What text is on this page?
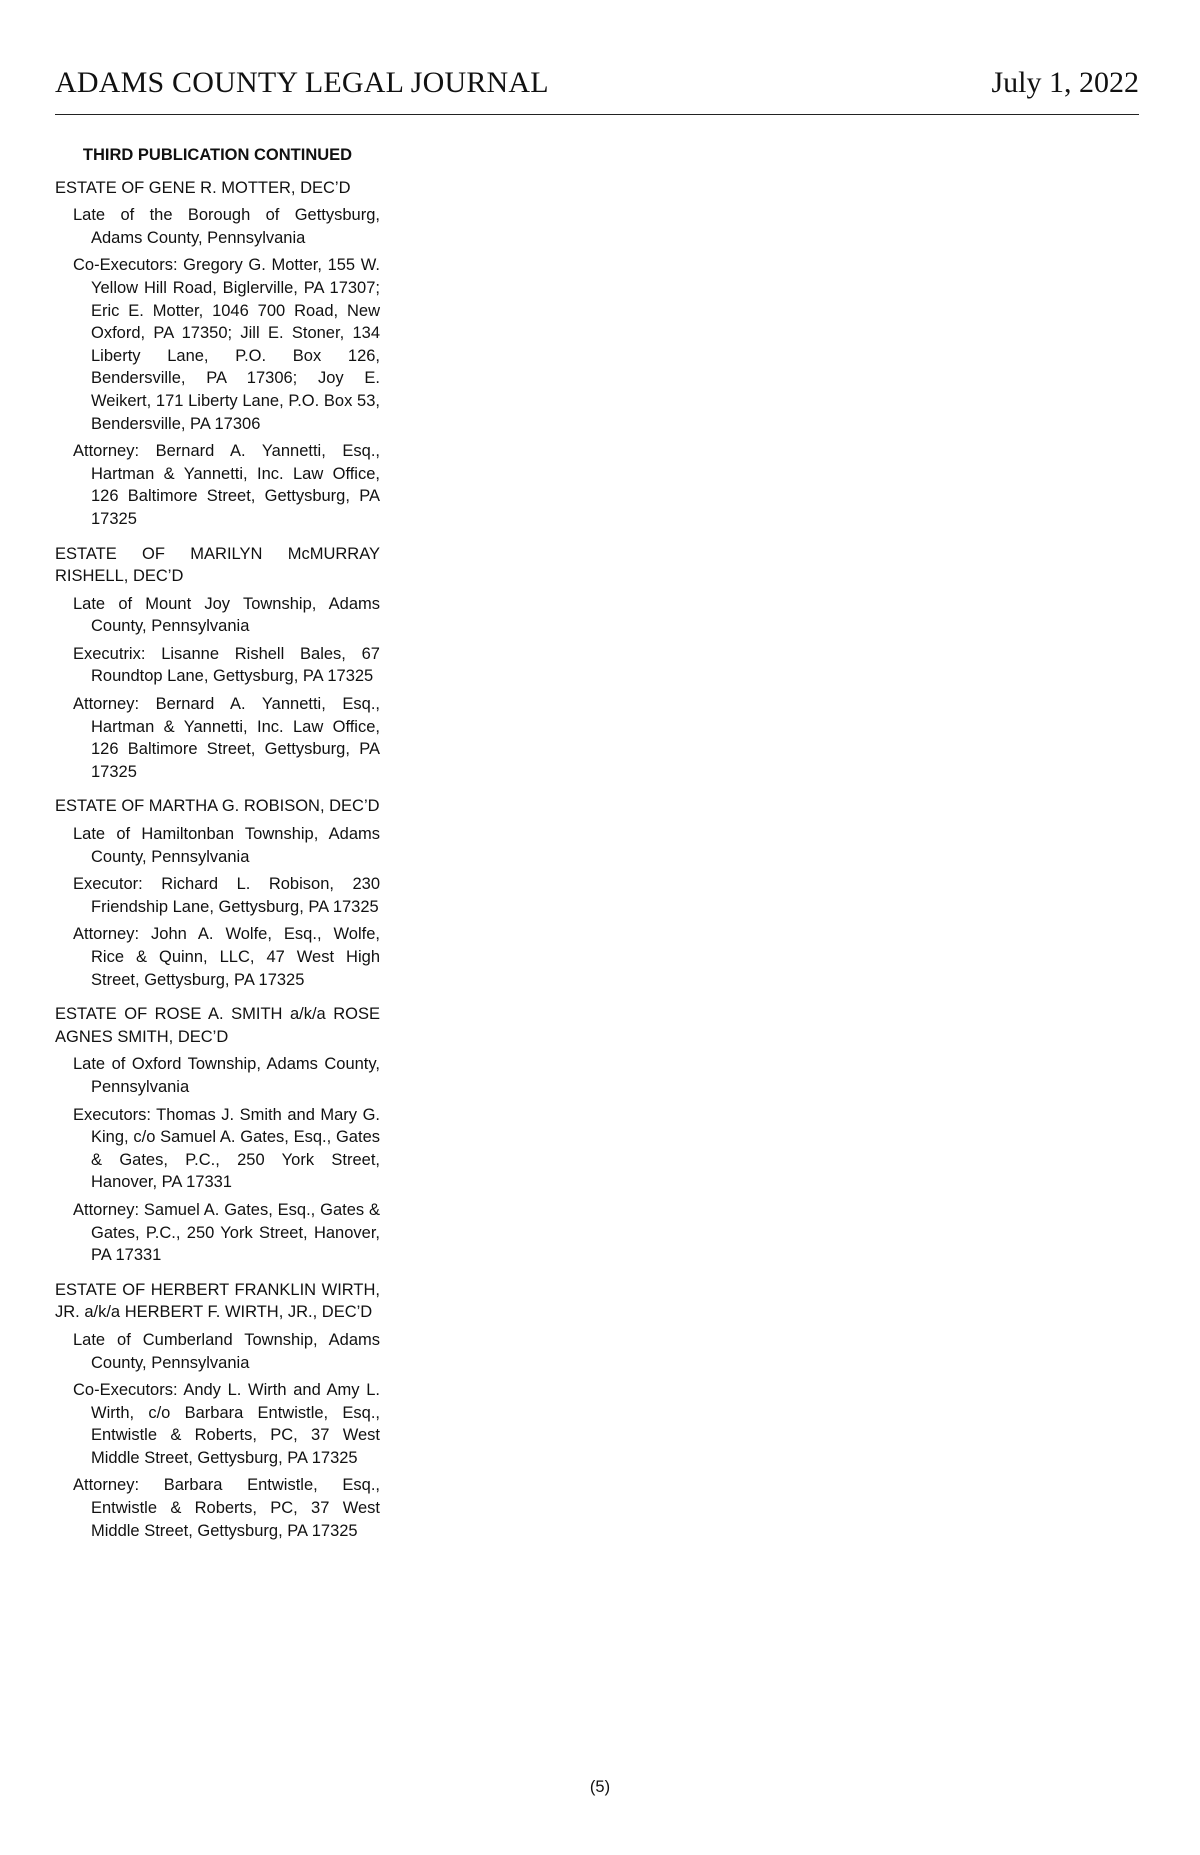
ADAMS COUNTY LEGAL JOURNAL	July 1, 2022
THIRD PUBLICATION CONTINUED
ESTATE OF GENE R. MOTTER, DEC’D
Late of the Borough of Gettysburg, Adams County, Pennsylvania
Co-Executors: Gregory G. Motter, 155 W. Yellow Hill Road, Biglerville, PA 17307; Eric E. Motter, 1046 700 Road, New Oxford, PA 17350; Jill E. Stoner, 134 Liberty Lane, P.O. Box 126, Bendersville, PA 17306; Joy E. Weikert, 171 Liberty Lane, P.O. Box 53, Bendersville, PA 17306
Attorney: Bernard A. Yannetti, Esq., Hartman & Yannetti, Inc. Law Office, 126 Baltimore Street, Gettysburg, PA 17325
ESTATE OF MARILYN McMURRAY RISHELL, DEC’D
Late of Mount Joy Township, Adams County, Pennsylvania
Executrix: Lisanne Rishell Bales, 67 Roundtop Lane, Gettysburg, PA 17325
Attorney: Bernard A. Yannetti, Esq., Hartman & Yannetti, Inc. Law Office, 126 Baltimore Street, Gettysburg, PA 17325
ESTATE OF MARTHA G. ROBISON, DEC’D
Late of Hamiltonban Township, Adams County, Pennsylvania
Executor: Richard L. Robison, 230 Friendship Lane, Gettysburg, PA 17325
Attorney: John A. Wolfe, Esq., Wolfe, Rice & Quinn, LLC, 47 West High Street, Gettysburg, PA 17325
ESTATE OF ROSE A. SMITH a/k/a ROSE AGNES SMITH, DEC’D
Late of Oxford Township, Adams County, Pennsylvania
Executors: Thomas J. Smith and Mary G. King, c/o Samuel A. Gates, Esq., Gates & Gates, P.C., 250 York Street, Hanover, PA 17331
Attorney: Samuel A. Gates, Esq., Gates & Gates, P.C., 250 York Street, Hanover, PA 17331
ESTATE OF HERBERT FRANKLIN WIRTH, JR. a/k/a HERBERT F. WIRTH, JR., DEC’D
Late of Cumberland Township, Adams County, Pennsylvania
Co-Executors: Andy L. Wirth and Amy L. Wirth, c/o Barbara Entwistle, Esq., Entwistle & Roberts, PC, 37 West Middle Street, Gettysburg, PA 17325
Attorney: Barbara Entwistle, Esq., Entwistle & Roberts, PC, 37 West Middle Street, Gettysburg, PA 17325
(5)
